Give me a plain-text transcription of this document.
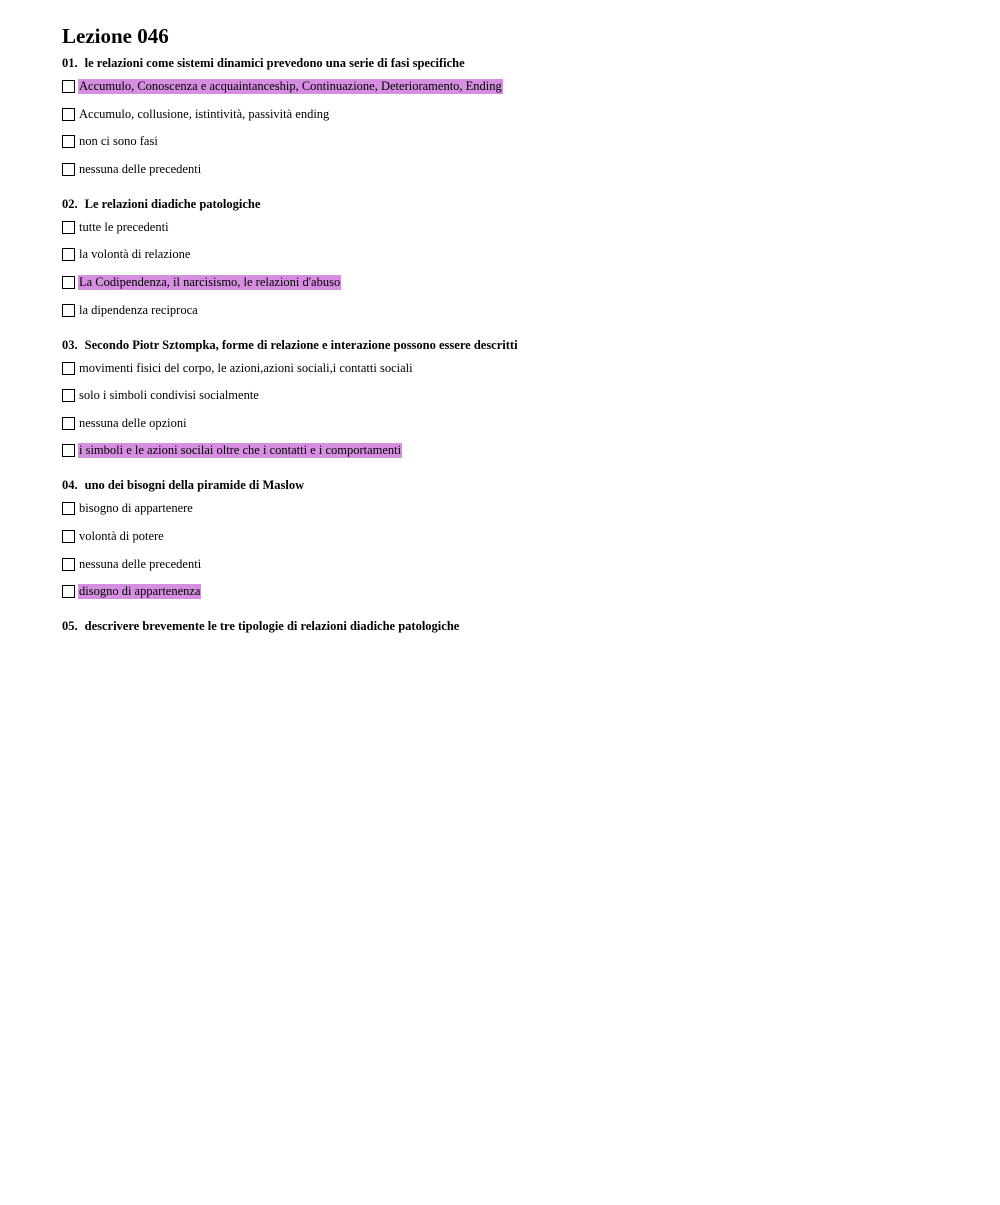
Lezione 046
01. le relazioni come sistemi dinamici prevedono una serie di fasi specifiche
Accumulo, Conoscenza e acquaintanceship, Continuazione, Deterioramento, Ending
Accumulo, collusione, istintività, passività ending
non ci sono fasi
nessuna delle precedenti
02. Le relazioni diadiche patologiche
tutte le precedenti
la volontà di relazione
La Codipendenza, il narcisismo, le relazioni d'abuso
la dipendenza reciproca
03. Secondo Piotr Sztompka, forme di relazione e interazione possono essere descritti
movimenti fisici del corpo, le azioni,azioni sociali,i contatti sociali
solo i simboli condivisi socialmente
nessuna delle opzioni
i simboli e le azioni socilai oltre che i contatti e i comportamenti
04. uno dei bisogni della piramide di Maslow
bisogno di appartenere
volontà di potere
nessuna delle precedenti
disogno di appartenenza
05. descrivere brevemente le tre tipologie di relazioni diadiche patologiche
